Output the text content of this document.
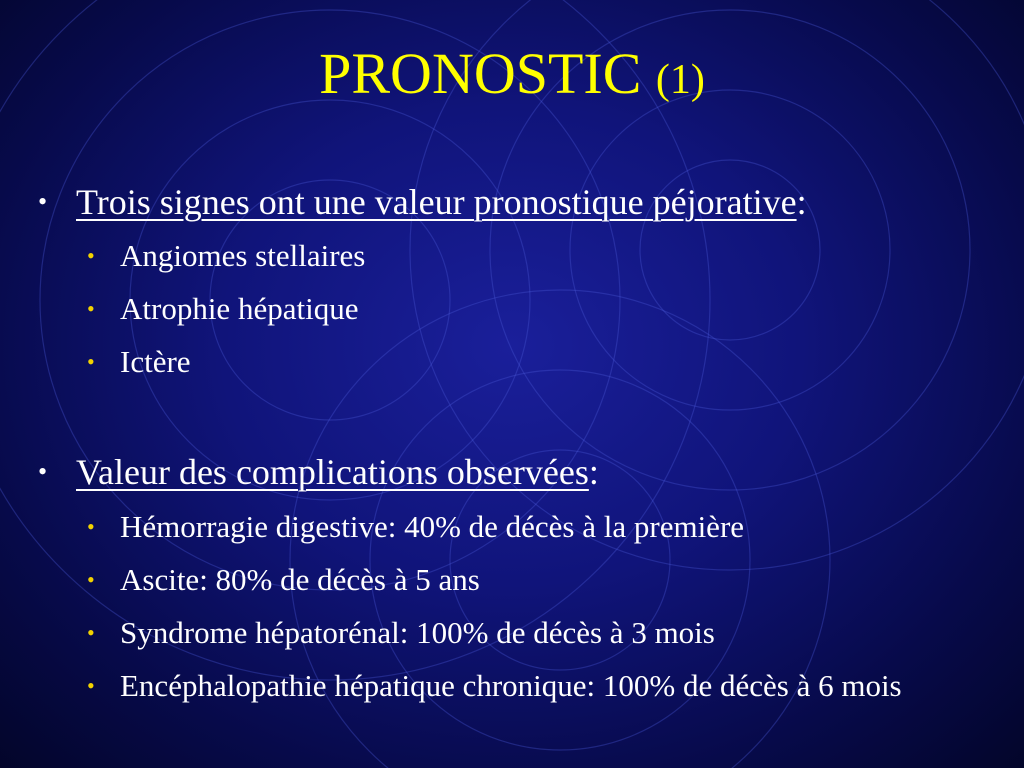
PRONOSTIC (1)
• Trois signes ont une valeur pronostique péjorative:
• Angiomes stellaires
• Atrophie hépatique
• Ictère
• Valeur des complications observées:
• Hémorragie digestive: 40% de décès à la première
• Ascite: 80% de décès à 5 ans
• Syndrome hépatorénal: 100% de décès à 3 mois
• Encéphalopathie hépatique chronique: 100% de décès à 6 mois
